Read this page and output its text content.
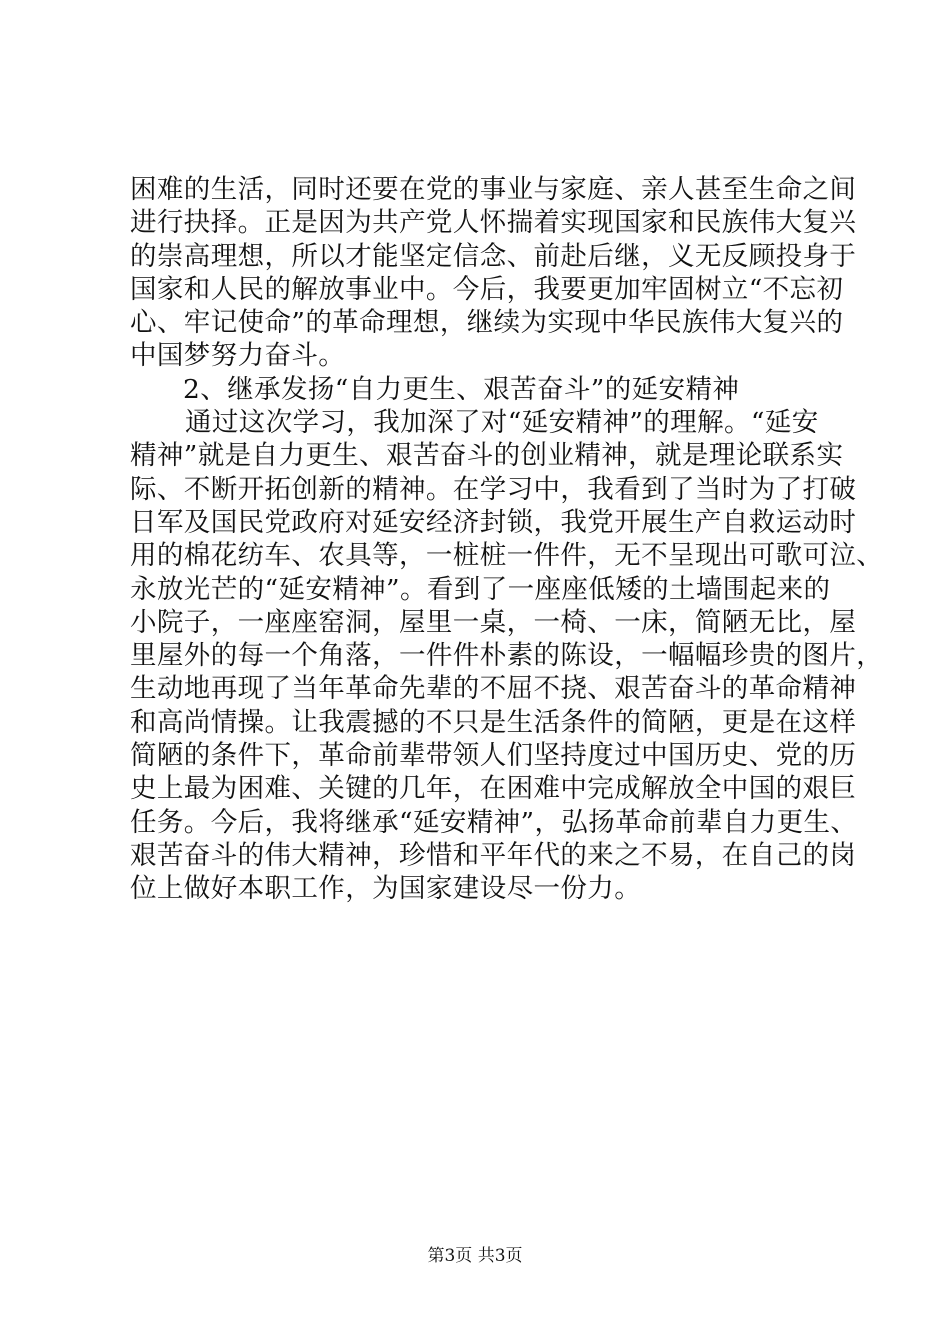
困难的生活，同时还要在党的事业与家庭、亲人甚至生命之间
进行抉择。正是因为共产党人怀揣着实现国家和民族伟大复兴
的崇高理想，所以才能坚定信念、前赴后继，义无反顾投身于
国家和人民的解放事业中。今后，我要更加牢固树立“不忘初
心、牢记使命”的革命理想，继续为实现中华民族伟大复兴的
中国梦努力奋斗。
2、继承发扬“自力更生、艰苦奋斗”的延安精神
通过这次学习，我加深了对“延安精神”的理解。“延安
精神”就是自力更生、艰苦奋斗的创业精神，就是理论联系实
际、不断开拓创新的精神。在学习中，我看到了当时为了打破
日军及国民党政府对延安经济封锁，我党开展生产自救运动时
用的棉花纺车、农具等，一桩桩一件件，无不呈现出可歌可泣、
永放光芒的“延安精神”。看到了一座座低矮的土墙围起来的
小院子，一座座窑洞，屋里一桌，一椅、一床，简陋无比，屋
里屋外的每一个角落，一件件朴素的陈设，一幅幅珍贵的图片，
生动地再现了当年革命先辈的不屈不挠、艰苦奋斗的革命精神
和高尚情操。让我震撼的不只是生活条件的简陋，更是在这样
简陋的条件下，革命前辈带领人们坚持度过中国历史、党的历
史上最为困难、关键的几年，在困难中完成解放全中国的艰巨
任务。今后，我将继承“延安精神”，弘扬革命前辈自力更生、
艰苦奋斗的伟大精神，珍惜和平年代的来之不易，在自己的岗
位上做好本职工作，为国家建设尽一份力。
第3页 共3页
